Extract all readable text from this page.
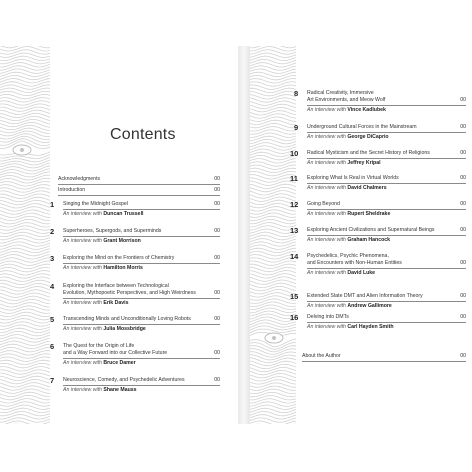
Contents
Acknowledgments	00
Introduction	00
1 Singing the Midnight Gospel	00
An interview with Duncan Trussell
2 Superheroes, Supergods, and Superminds	00
An interview with Grant Morrison
3 Exploring the Mind on the Frontiers of Chemistry	00
An interview with Hamilton Morris
4 Exploring the Interface between Technological
Evolution, Mythopoetic Perspectives, and High Weirdness	00
An interview with Erik Davis
5 Transcending Minds and Unconditionally Loving Robots	00
An interview with Julia Mossbridge
6 The Quest for the Origin of Life
and a Way Forward into our Collective Future	00
An interview with Bruce Damer
7 Neuroscience, Comedy, and Psychedelic Adventures	00
An interview with Shane Mauss
8 Radical Creativity, Immersive
Art Environments, and Meow Wolf	00
An interview with Vince Kadlubek
9 Underground Cultural Forces in the Mainstream	00
An interview with George DiCaprio
10 Radical Mysticism and the Secret History of Religions	00
An interview with Jeffrey Kripal
11 Exploring What Is Real in Virtual Worlds	00
An interview with David Chalmers
12 Going Beyond	00
An interview with Rupert Sheldrake
13 Exploring Ancient Civilizations and Supernatural Beings	00
An interview with Graham Hancock
14 Psychedelics, Psychic Phenomena,
and Encounters with Non-Human Entities	00
An interview with David Luke
15 Extended State DMT and Alien Information Theory	00
An interview with Andrew Gallimore
16 Delving into DMTs	00
An interview with Carl Hayden Smith
About the Author	00
